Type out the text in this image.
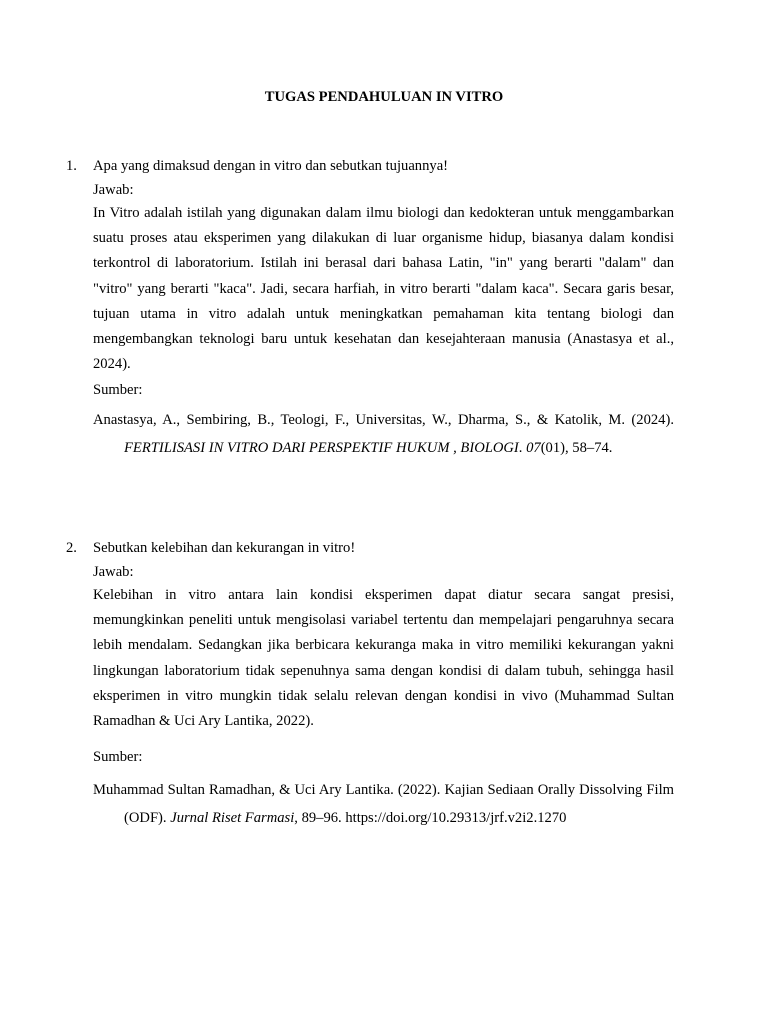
TUGAS PENDAHULUAN IN VITRO
1.	Apa yang dimaksud dengan in vitro dan sebutkan tujuannya!
Jawab:
In Vitro adalah istilah yang digunakan dalam ilmu biologi dan kedokteran untuk menggambarkan suatu proses atau eksperimen yang dilakukan di luar organisme hidup, biasanya dalam kondisi terkontrol di laboratorium. Istilah ini berasal dari bahasa Latin, "in" yang berarti "dalam" dan "vitro" yang berarti "kaca". Jadi, secara harfiah, in vitro berarti "dalam kaca". Secara garis besar, tujuan utama in vitro adalah untuk meningkatkan pemahaman kita tentang biologi dan mengembangkan teknologi baru untuk kesehatan dan kesejahteraan manusia (Anastasya et al., 2024).
Sumber:
Anastasya, A., Sembiring, B., Teologi, F., Universitas, W., Dharma, S., & Katolik, M. (2024). FERTILISASI IN VITRO DARI PERSPEKTIF HUKUM , BIOLOGI. 07(01), 58–74.
2.	Sebutkan kelebihan dan kekurangan in vitro!
Jawab:
Kelebihan in vitro antara lain kondisi eksperimen dapat diatur secara sangat presisi, memungkinkan peneliti untuk mengisolasi variabel tertentu dan mempelajari pengaruhnya secara lebih mendalam. Sedangkan jika berbicara kekuranga maka in vitro memiliki kekurangan yakni lingkungan laboratorium tidak sepenuhnya sama dengan kondisi di dalam tubuh, sehingga hasil eksperimen in vitro mungkin tidak selalu relevan dengan kondisi in vivo (Muhammad Sultan Ramadhan & Uci Ary Lantika, 2022).
Sumber:
Muhammad Sultan Ramadhan, & Uci Ary Lantika. (2022). Kajian Sediaan Orally Dissolving Film (ODF). Jurnal Riset Farmasi, 89–96. https://doi.org/10.29313/jrf.v2i2.1270
